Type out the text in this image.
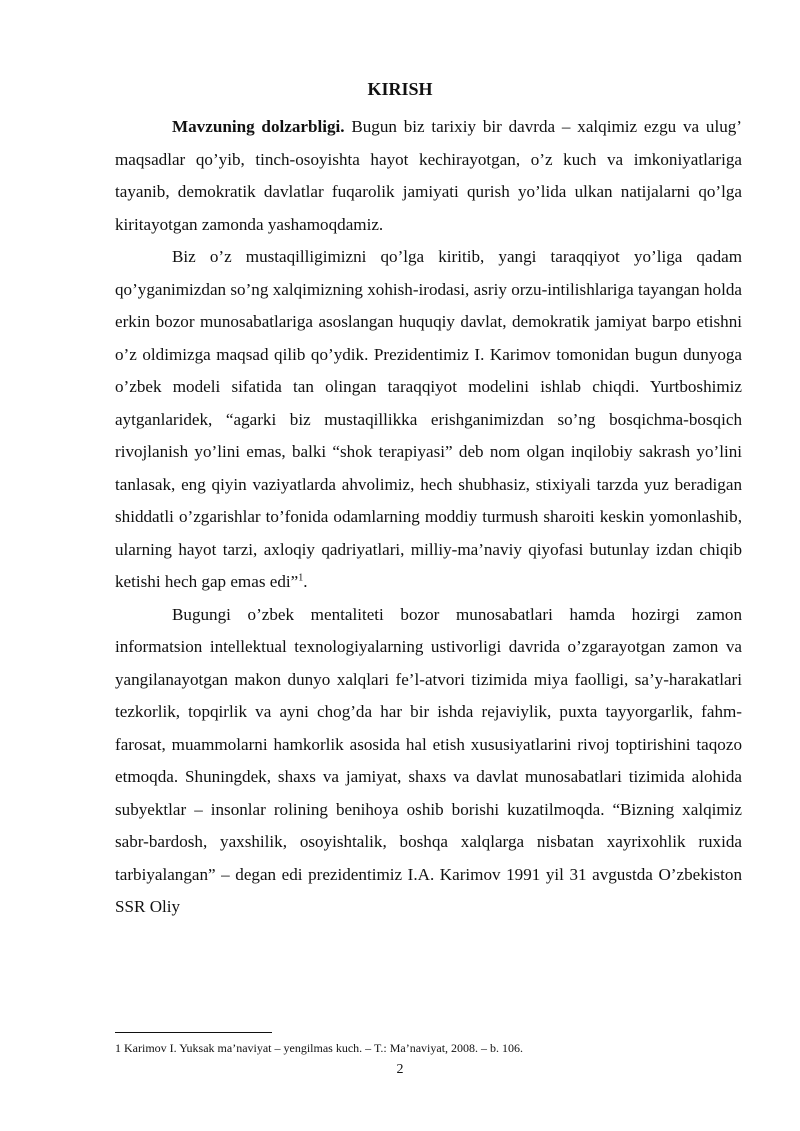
KIRISH

Mavzuning dolzarbligi. Bugun biz tarixiy bir davrda – xalqimiz ezgu va ulug’ maqsadlar qo’yib, tinch-osoyishta hayot kechirayotgan, o’z kuch va imkoniyatlariga tayanib, demokratik davlatlar fuqarolik jamiyati qurish yo’lida ulkan natijalarni qo’lga kiritayotgan zamonda yashamoqdamiz.

Biz o’z mustaqilligimizni qo’lga kiritib, yangi taraqqiyot yo’liga qadam qo’yganimizdan so’ng xalqimizning xohish-irodasi, asriy orzu-intilishlariga tayangan holda erkin bozor munosabatlariga asoslangan huquqiy davlat, demokratik jamiyat barpo etishni o’z oldimizga maqsad qilib qo’ydik. Prezidentimiz I. Karimov tomonidan bugun dunyoga o’zbek modeli sifatida tan olingan taraqqiyot modelini ishlab chiqdi. Yurtboshimiz aytganlaridek, “agarki biz mustaqillikka erishganimizdan so’ng bosqichma-bosqich rivojlanish yo’lini emas, balki “shok terapiyasi” deb nom olgan inqilobiy sakrash yo’lini tanlasak, eng qiyin vaziyatlarda ahvolimiz, hech shubhasiz, stixiyali tarzda yuz beradigan shiddatli o’zgarishlar to’fonida odamlarning moddiy turmush sharoiti keskin yomonlashib, ularning hayot tarzi, axloqiy qadriyatlari, milliy-ma’naviy qiyofasi butunlay izdan chiqib ketishi hech gap emas edi”$^1$.

Bugungi o’zbek mentaliteti bozor munosabatlari hamda hozirgi zamon informatsion intellektual texnologiyalarning ustivorligi davrida o’zgarayotgan zamon va yangilanayotgan makon dunyo xalqlari fe’l-atvori tizimida miya faolligi, sa’y-harakatlari tezkorlik, topqirlik va ayni chog’da har bir ishda rejaviylik, puxta tayyorgarlik, fahm-farosat, muammolarni hamkorlik asosida hal etish xususiyatlarini rivoj toptirishini taqozo etmoqda. Shuningdek, shaxs va jamiyat, shaxs va davlat munosabatlari tizimida alohida subyektlar – insonlar rolining benihoya oshib borishi kuzatilmoqda. “Bizning xalqimiz sabr-bardosh, yaxshilik, osoyishtalik, boshqa xalqlarga nisbatan xayrixohlik ruxida tarbiyalangan” – degan edi prezidentimiz I.A. Karimov 1991 yil 31 avgustda O’zbekiston SSR Oliy

1 Karimov I. Yuksak ma’naviyat – yengilmas kuch. – T.: Ma’naviyat, 2008. – b. 106.

2
